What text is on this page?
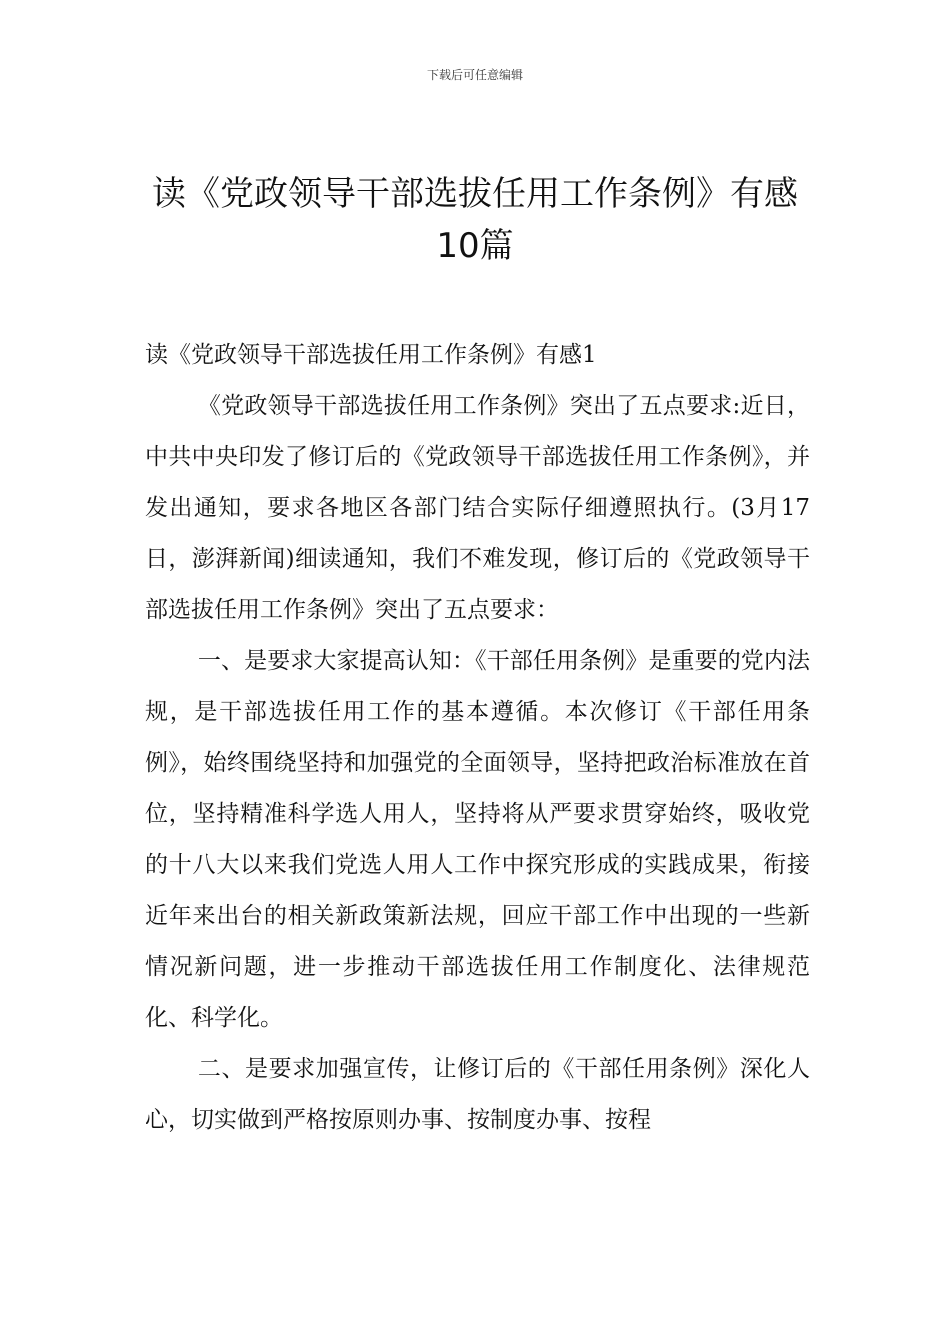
下载后可任意编辑
读《党政领导干部选拔任用工作条例》有感10篇

读《党政领导干部选拔任用工作条例》有感1

《党政领导干部选拔任用工作条例》突出了五点要求:近日，中共中央印发了修订后的《党政领导干部选拔任用工作条例》，并发出通知，要求各地区各部门结合实际仔细遵照执行。(3月17日，澎湃新闻)细读通知，我们不难发现，修订后的《党政领导干部选拔任用工作条例》突出了五点要求：

一、是要求大家提高认知：《干部任用条例》是重要的党内法规，是干部选拔任用工作的基本遵循。本次修订《干部任用条例》，始终围绕坚持和加强党的全面领导，坚持把政治标准放在首位，坚持精准科学选人用人，坚持将从严要求贯穿始终，吸收党的十八大以来我们党选人用人工作中探究形成的实践成果，衔接近年来出台的相关新政策新法规，回应干部工作中出现的一些新情况新问题，进一步推动干部选拔任用工作制度化、法律规范化、科学化。

二、是要求加强宣传，让修订后的《干部任用条例》深化人心，切实做到严格按原则办事、按制度办事、按程
